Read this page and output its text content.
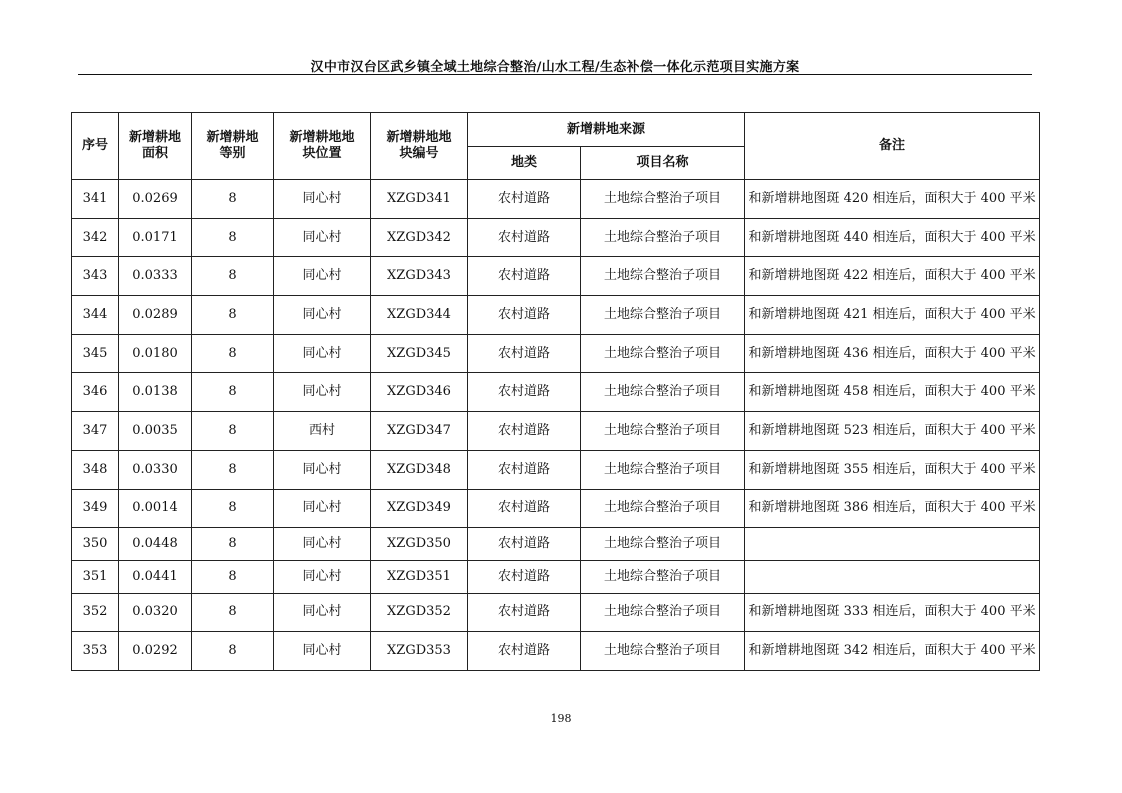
汉中市汉台区武乡镇全域土地综合整治/山水工程/生态补偿一体化示范项目实施方案
序号	新增耕地面积	新增耕地等别	新增耕地地块位置	新增耕地地块编号	新增耕地来源		备注
					地类	项目名称	
341	0.0269	8	同心村	XZGD341	农村道路	土地综合整治子项目	和新增耕地图斑 420 相连后，面积大于 400 平米
342	0.0171	8	同心村	XZGD342	农村道路	土地综合整治子项目	和新增耕地图斑 440 相连后，面积大于 400 平米
343	0.0333	8	同心村	XZGD343	农村道路	土地综合整治子项目	和新增耕地图斑 422 相连后，面积大于 400 平米
344	0.0289	8	同心村	XZGD344	农村道路	土地综合整治子项目	和新增耕地图斑 421 相连后，面积大于 400 平米
345	0.0180	8	同心村	XZGD345	农村道路	土地综合整治子项目	和新增耕地图斑 436 相连后，面积大于 400 平米
346	0.0138	8	同心村	XZGD346	农村道路	土地综合整治子项目	和新增耕地图斑 458 相连后，面积大于 400 平米
347	0.0035	8	西村	XZGD347	农村道路	土地综合整治子项目	和新增耕地图斑 523 相连后，面积大于 400 平米
348	0.0330	8	同心村	XZGD348	农村道路	土地综合整治子项目	和新增耕地图斑 355 相连后，面积大于 400 平米
349	0.0014	8	同心村	XZGD349	农村道路	土地综合整治子项目	和新增耕地图斑 386 相连后，面积大于 400 平米
350	0.0448	8	同心村	XZGD350	农村道路	土地综合整治子项目	
351	0.0441	8	同心村	XZGD351	农村道路	土地综合整治子项目	
352	0.0320	8	同心村	XZGD352	农村道路	土地综合整治子项目	和新增耕地图斑 333 相连后，面积大于 400 平米
353	0.0292	8	同心村	XZGD353	农村道路	土地综合整治子项目	和新增耕地图斑 342 相连后，面积大于 400 平米
198
